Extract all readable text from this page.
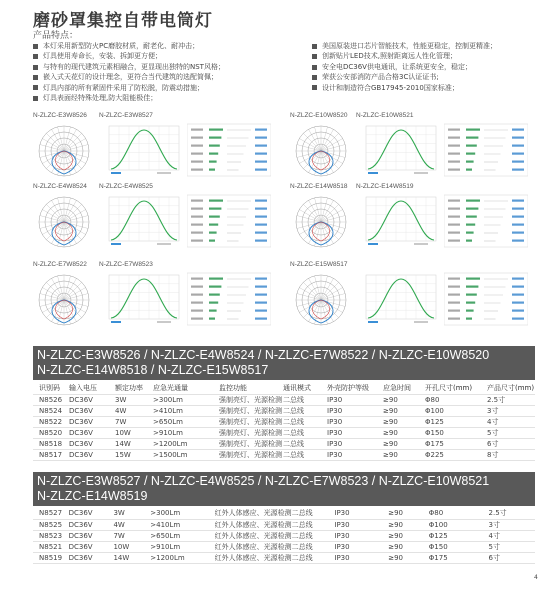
磨砂罩集控自带电筒灯
产品特点：
本灯采用新型防火PC磨胶材质，耐老化、耐冲击；
灯具使用寿命长，安装、拆卸更方便；
与特有的现代建筑元素相融合，更显现出独特的NST风格；
嵌入式天花灯的设计理念，更符合当代建筑的选配简佩；
灯具内部的所有紧固件采用了防松脱，防震动措施；
灯具表面经特殊处理,防大阻能极佳；
美国原装进口芯片智能技术，性能更稳定，控制更精准；
创新贴片LED技术,照射距离远人性化管理；
安全电DC36V供电通讯，让系统更安全，稳定；
荣获公安部消防产品合格3C认证证书;
设计和制造符合GB17945-2010国家标准；
N-ZLZC-E3W8526 N-ZLZC-E3W8527	N-ZLZC-E10W8520 N-ZLZC-E10W8521
N-ZLZC-E4W8524 N-ZLZC-E4W8525	N-ZLZC-E14W8518 N-ZLZC-E14W8519
N-ZLZC-E7W8522 N-ZLZC-E7W8523	N-ZLZC-E15W8517
N-ZLZC-E3W8526 / N-ZLZC-E4W8524 / N-ZLZC-E7W8522 / N-ZLZC-E10W8520
N-ZLZC-E14W8518 / N-ZLZC-E15W8517
识别码	输入电压	额定功率	应急光通量	监控功能	通讯模式	外壳防护等级	应急时间	开孔尺寸(mm)	产品尺寸(mm)
N8526	DC36V	3W	>300Lm	强制亮灯、光源检测	二总线	IP30	≥90	Φ80	2.5寸
N8524	DC36V	4W	>410Lm	强制亮灯、光源检测	二总线	IP30	≥90	Φ100	3寸
N8522	DC36V	7W	>650Lm	强制亮灯、光源检测	二总线	IP30	≥90	Φ125	4寸
N8520	DC36V	10W	>910Lm	强制亮灯、光源检测	二总线	IP30	≥90	Φ150	5寸
N8518	DC36V	14W	>1200Lm	强制亮灯、光源检测	二总线	IP30	≥90	Φ175	6寸
N8517	DC36V	15W	>1500Lm	强制亮灯、光源检测	二总线	IP30	≥90	Φ225	8寸
N-ZLZC-E3W8527 / N-ZLZC-E4W8525 / N-ZLZC-E7W8523 / N-ZLZC-E10W8521
N-ZLZC-E14W8519
N8527	DC36V	3W	>300Lm	红外人体感应、光源检测	二总线	IP30	≥90	Φ80	2.5寸
N8525	DC36V	4W	>410Lm	红外人体感应、光源检测	二总线	IP30	≥90	Φ100	3寸
N8523	DC36V	7W	>650Lm	红外人体感应、光源检测	二总线	IP30	≥90	Φ125	4寸
N8521	DC36V	10W	>910Lm	红外人体感应、光源检测	二总线	IP30	≥90	Φ150	5寸
N8519	DC36V	14W	>1200Lm	红外人体感应、光源检测	二总线	IP30	≥90	Φ175	6寸
4
